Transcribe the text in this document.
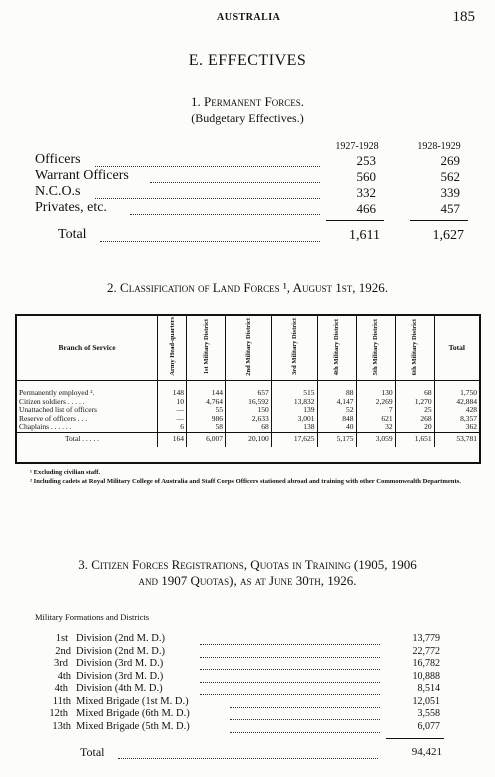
AUSTRALIA	185
E. EFFECTIVES
1. Permanent Forces.
(Budgetary Effectives.)
1927-1928	1928-1929
Officers	253	269
Warrant Officers	560	562
N.C.O.s	332	339
Privates, etc.	466	457
Total	1,611	1,627
2. Classification of Land Forces ¹, August 1st, 1926.
Branch of Service	Army Head-quarters	1st Military District	2nd Military District	3rd Military District	4th Military District	5th Military District	6th Military District	Total

Permanently employed ².	148	144	657	515	88	130	68	1,750
Citizen soldiers . . . . .	10	4,764	16,592	13,832	4,147	2,269	1,270	42,884
Unattached list of officers	—	55	150	139	52	7	25	428
Reserve of officers . . .	—	986	2,633	3,001	848	621	268	8,357
Chaplains . . . . . .	6	58	68	138	40	32	20	362
Total . . . . .	164	6,007	20,100	17,625	5,175	3,059	1,651	53,781
¹ Excluding civilian staff.
² Including cadets at Royal Military College of Australia and Staff Corps Officers stationed abroad and training with other Commonwealth Departments.
3. Citizen Forces Registrations, Quotas in Training (1905, 1906
and 1907 Quotas), as at June 30th, 1926.
Military Formations and Districts
1st Division (2nd M. D.)	13,779
2nd Division (2nd M. D.)	22,772
3rd Division (3rd M. D.)	16,782
4th Division (3rd M. D.)	10,888
4th Division (4th M. D.)	8,514
11th Mixed Brigade (1st M. D.)	12,051
12th Mixed Brigade (6th M. D.)	3,558
13th Mixed Brigade (5th M. D.)	6,077
Total	94,421
